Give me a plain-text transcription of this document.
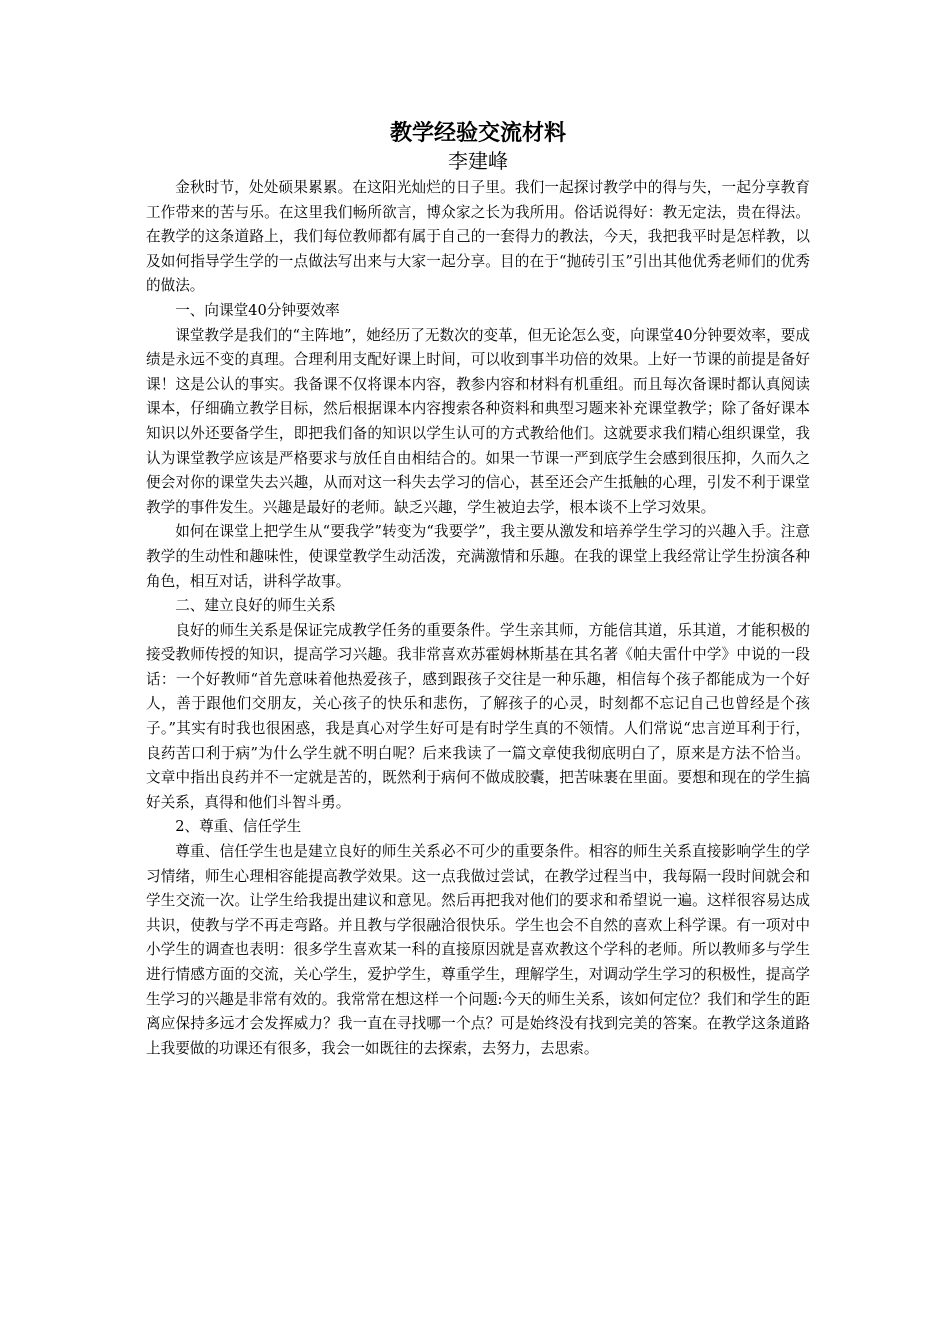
教学经验交流材料
李建峰

金秋时节，处处硕果累累。在这阳光灿烂的日子里。我们一起探讨教学中的得与失，一起分享教育工作带来的苦与乐。在这里我们畅所欲言，博众家之长为我所用。俗话说得好：教无定法，贵在得法。在教学的这条道路上，我们每位教师都有属于自己的一套得力的教法，今天，我把我平时是怎样教，以及如何指导学生学的一点做法写出来与大家一起分享。目的在于“抛砖引玉”引出其他优秀老师们的优秀的做法。

一、向课堂40分钟要效率

课堂教学是我们的“主阵地”，她经历了无数次的变革，但无论怎么变，向课堂40分钟要效率，要成绩是永远不变的真理。合理利用支配好课上时间，可以收到事半功倍的效果。上好一节课的前提是备好课！这是公认的事实。我备课不仅将课本内容，教参内容和材料有机重组。而且每次备课时都认真阅读课本，仔细确立教学目标，然后根据课本内容搜索各种资料和典型习题来补充课堂教学；除了备好课本知识以外还要备学生，即把我们备的知识以学生认可的方式教给他们。这就要求我们精心组织课堂，我认为课堂教学应该是严格要求与放任自由相结合的。如果一节课一严到底学生会感到很压抑，久而久之便会对你的课堂失去兴趣，从而对这一科失去学习的信心，甚至还会产生抵触的心理，引发不利于课堂教学的事件发生。兴趣是最好的老师。缺乏兴趣，学生被迫去学，根本谈不上学习效果。

如何在课堂上把学生从“要我学”转变为“我要学”，我主要从激发和培养学生学习的兴趣入手。注意教学的生动性和趣味性，使课堂教学生动活泼，充满激情和乐趣。在我的课堂上我经常让学生扮演各种角色，相互对话，讲科学故事。

二、建立良好的师生关系

良好的师生关系是保证完成教学任务的重要条件。学生亲其师，方能信其道，乐其道，才能积极的接受教师传授的知识，提高学习兴趣。我非常喜欢苏霍姆林斯基在其名著《帕夫雷什中学》中说的一段话：一个好教师“首先意味着他热爱孩子，感到跟孩子交往是一种乐趣，相信每个孩子都能成为一个好人，善于跟他们交朋友，关心孩子的快乐和悲伤，了解孩子的心灵，时刻都不忘记自己也曾经是个孩子。”其实有时我也很困惑，我是真心对学生好可是有时学生真的不领情。人们常说“忠言逆耳利于行，良药苦口利于病”为什么学生就不明白呢？后来我读了一篇文章使我彻底明白了，原来是方法不恰当。文章中指出良药并不一定就是苦的，既然利于病何不做成胶囊，把苦味裹在里面。要想和现在的学生搞好关系，真得和他们斗智斗勇。

2、尊重、信任学生

尊重、信任学生也是建立良好的师生关系必不可少的重要条件。相容的师生关系直接影响学生的学习情绪，师生心理相容能提高教学效果。这一点我做过尝试，在教学过程当中，我每隔一段时间就会和学生交流一次。让学生给我提出建议和意见。然后再把我对他们的要求和希望说一遍。这样很容易达成共识，使教与学不再走弯路。并且教与学很融洽很快乐。学生也会不自然的喜欢上科学课。有一项对中小学生的调查也表明：很多学生喜欢某一科的直接原因就是喜欢教这个学科的老师。所以教师多与学生进行情感方面的交流，关心学生，爱护学生，尊重学生，理解学生，对调动学生学习的积极性，提高学生学习的兴趣是非常有效的。我常常在想这样一个问题:今天的师生关系，该如何定位？我们和学生的距离应保持多远才会发挥威力？我一直在寻找哪一个点？可是始终没有找到完美的答案。在教学这条道路上我要做的功课还有很多，我会一如既往的去探索，去努力，去思索。
